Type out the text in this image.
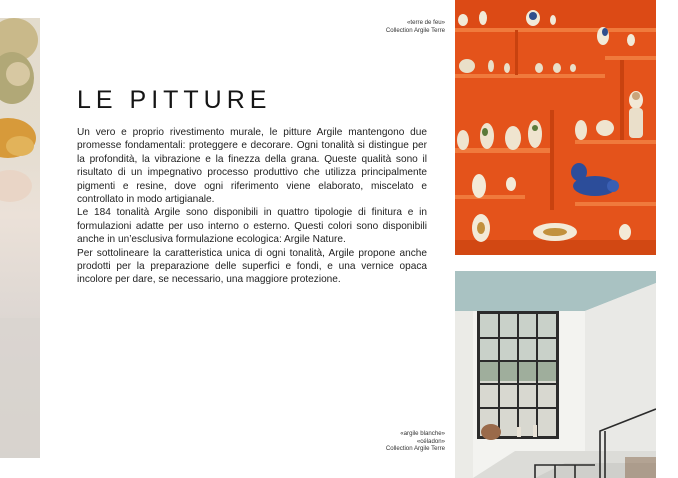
LE PITTURE

Un vero e proprio rivestimento murale, le pitture Argile mantengono due promesse fondamentali: proteggere e decorare. Ogni tonalità si distingue per la profondità, la vibrazione e la finezza della grana. Queste qualità sono il risultato di un impegnativo processo produttivo che utilizza principalmente pigmenti e resine, dove ogni riferimento viene elaborato, miscelato e controllato in modo artigianale.

Le 184 tonalità Argile sono disponibili in quattro tipologie di finitura e in formulazioni adatte per uso interno o esterno. Questi colori sono disponibili anche in un’esclusiva formulazione ecologica: Argile Nature.

Per sottolineare la caratteristica unica di ogni tonalità, Argile propone anche prodotti per la preparazione delle superfici e fondi, e una vernice opaca incolore per dare, se necessario, una maggiore protezione.

«terre de feu»
Collection Argile Terre
«argile blanche»
«céladon»
Collection Argile Terre
